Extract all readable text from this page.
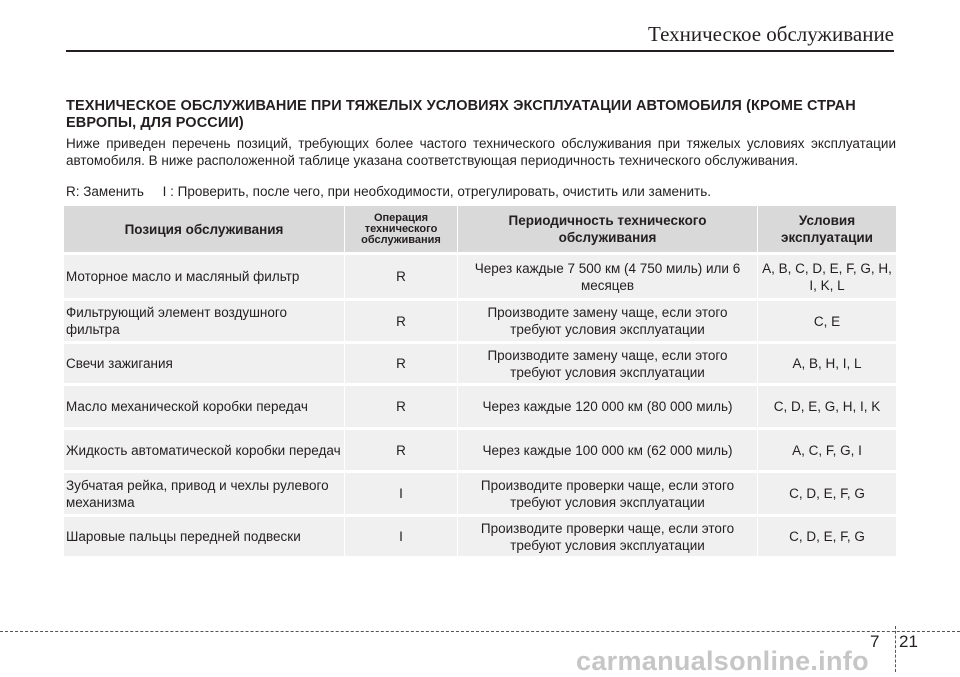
Техническое обслуживание
ТЕХНИЧЕСКОЕ ОБСЛУЖИВАНИЕ ПРИ ТЯЖЕЛЫХ УСЛОВИЯХ ЭКСПЛУАТАЦИИ АВТОМОБИЛЯ (КРОМЕ СТРАН ЕВРОПЫ, ДЛЯ РОССИИ)
Ниже приведен перечень позиций, требующих более частого технического обслуживания при тяжелых условиях эксплуатации автомобиля. В ниже расположенной таблице указана соответствующая периодичность технического обслуживания.
R: Заменить     I : Проверить, после чего, при необходимости, отрегулировать, очистить или заменить.
Позиция обслуживания	Операция технического обслуживания	Периодичность технического обслуживания	Условия эксплуатации
Моторное масло и масляный фильтр	R	Через каждые 7 500 км (4 750 миль) или 6 месяцев	A, B, C, D, E, F, G, H, I, K, L
Фильтрующий элемент воздушного фильтра	R	Производите замену чаще, если этого требуют условия эксплуатации	C, E
Свечи зажигания	R	Производите замену чаще, если этого требуют условия эксплуатации	A, B, H, I, L
Масло механической коробки передач	R	Через каждые 120 000 км (80 000 миль)	C, D, E, G, H, I, K
Жидкость автоматической коробки передач	R	Через каждые 100 000 км (62 000 миль)	A, C, F, G, I
Зубчатая рейка, привод и чехлы рулевого механизма	I	Производите проверки чаще, если этого требуют условия эксплуатации	C, D, E, F, G
Шаровые пальцы передней подвески	I	Производите проверки чаще, если этого требуют условия эксплуатации	C, D, E, F, G
7 21
carmanualsonline.info
